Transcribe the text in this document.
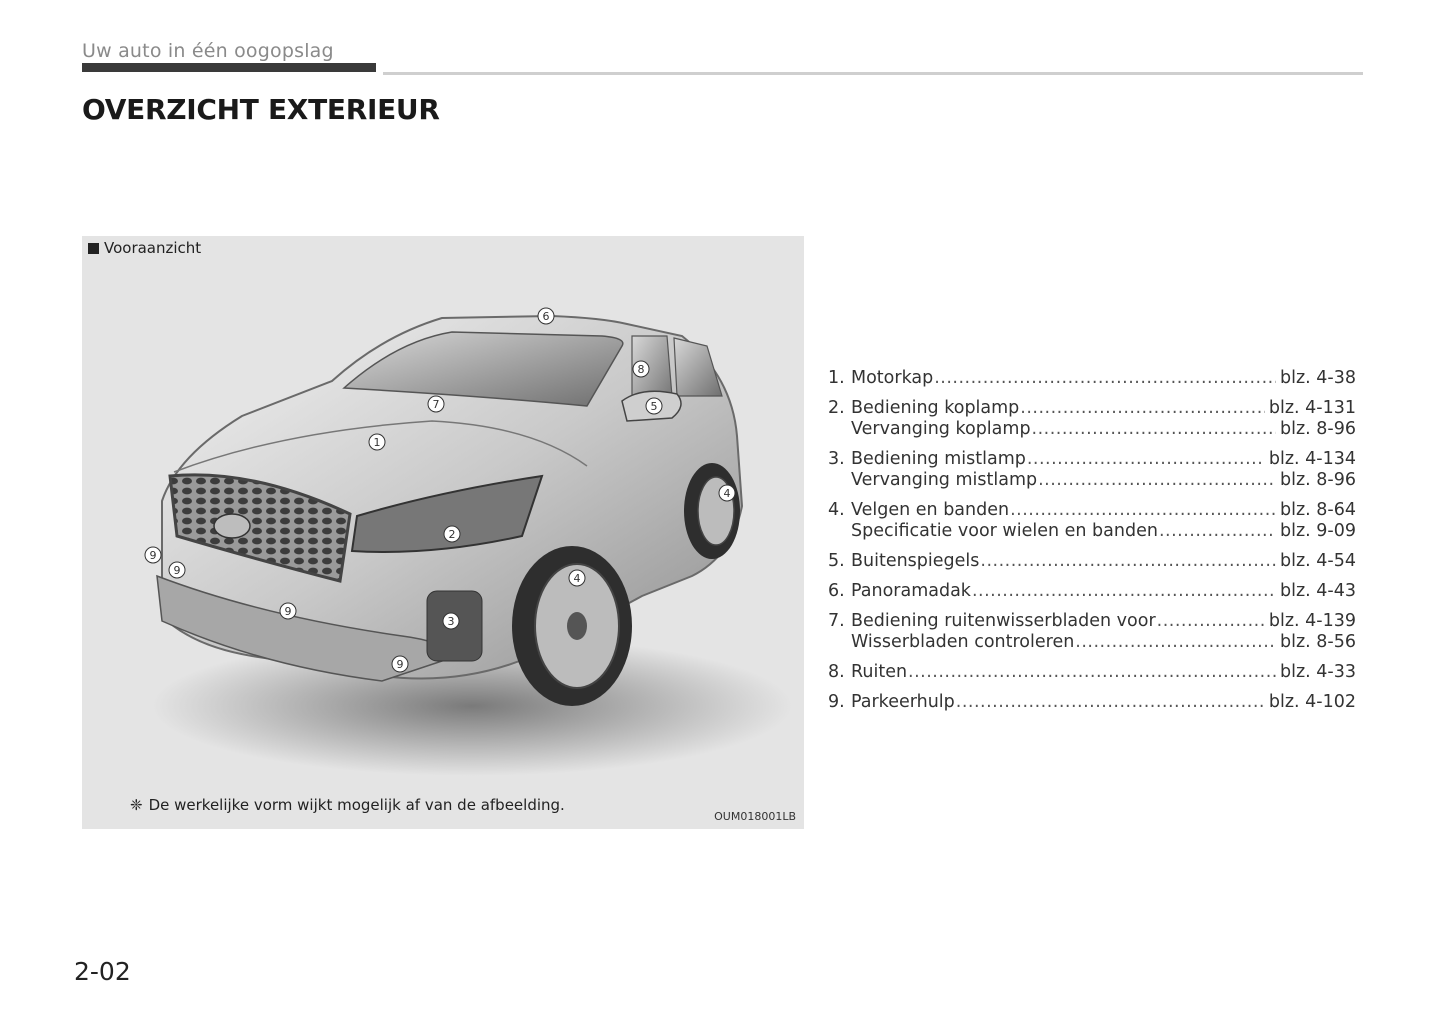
Uw auto in één oogopslag
OVERZICHT EXTERIEUR
1
2
3
4
4
5
6
7
8
9
9
9
9
Vooraanzicht
❈ De werkelijke vorm wijkt mogelijk af van de afbeelding.
OUM018001LB
1. Motorkap .....	blz. 4-38
2. Bediening koplamp .....	blz. 4-131
Vervanging koplamp .....	blz. 8-96
3. Bediening mistlamp .....	blz. 4-134
Vervanging mistlamp .....	blz. 8-96
4. Velgen en banden .....	blz. 8-64
Specificatie voor wielen en banden .....	blz. 9-09
5. Buitenspiegels .....	blz. 4-54
6. Panoramadak .....	blz. 4-43
7. Bediening ruitenwisserbladen voor .....	blz. 4-139
Wisserbladen controleren .....	blz. 8-56
8. Ruiten .....	blz. 4-33
9. Parkeerhulp .....	blz. 4-102
2-02
